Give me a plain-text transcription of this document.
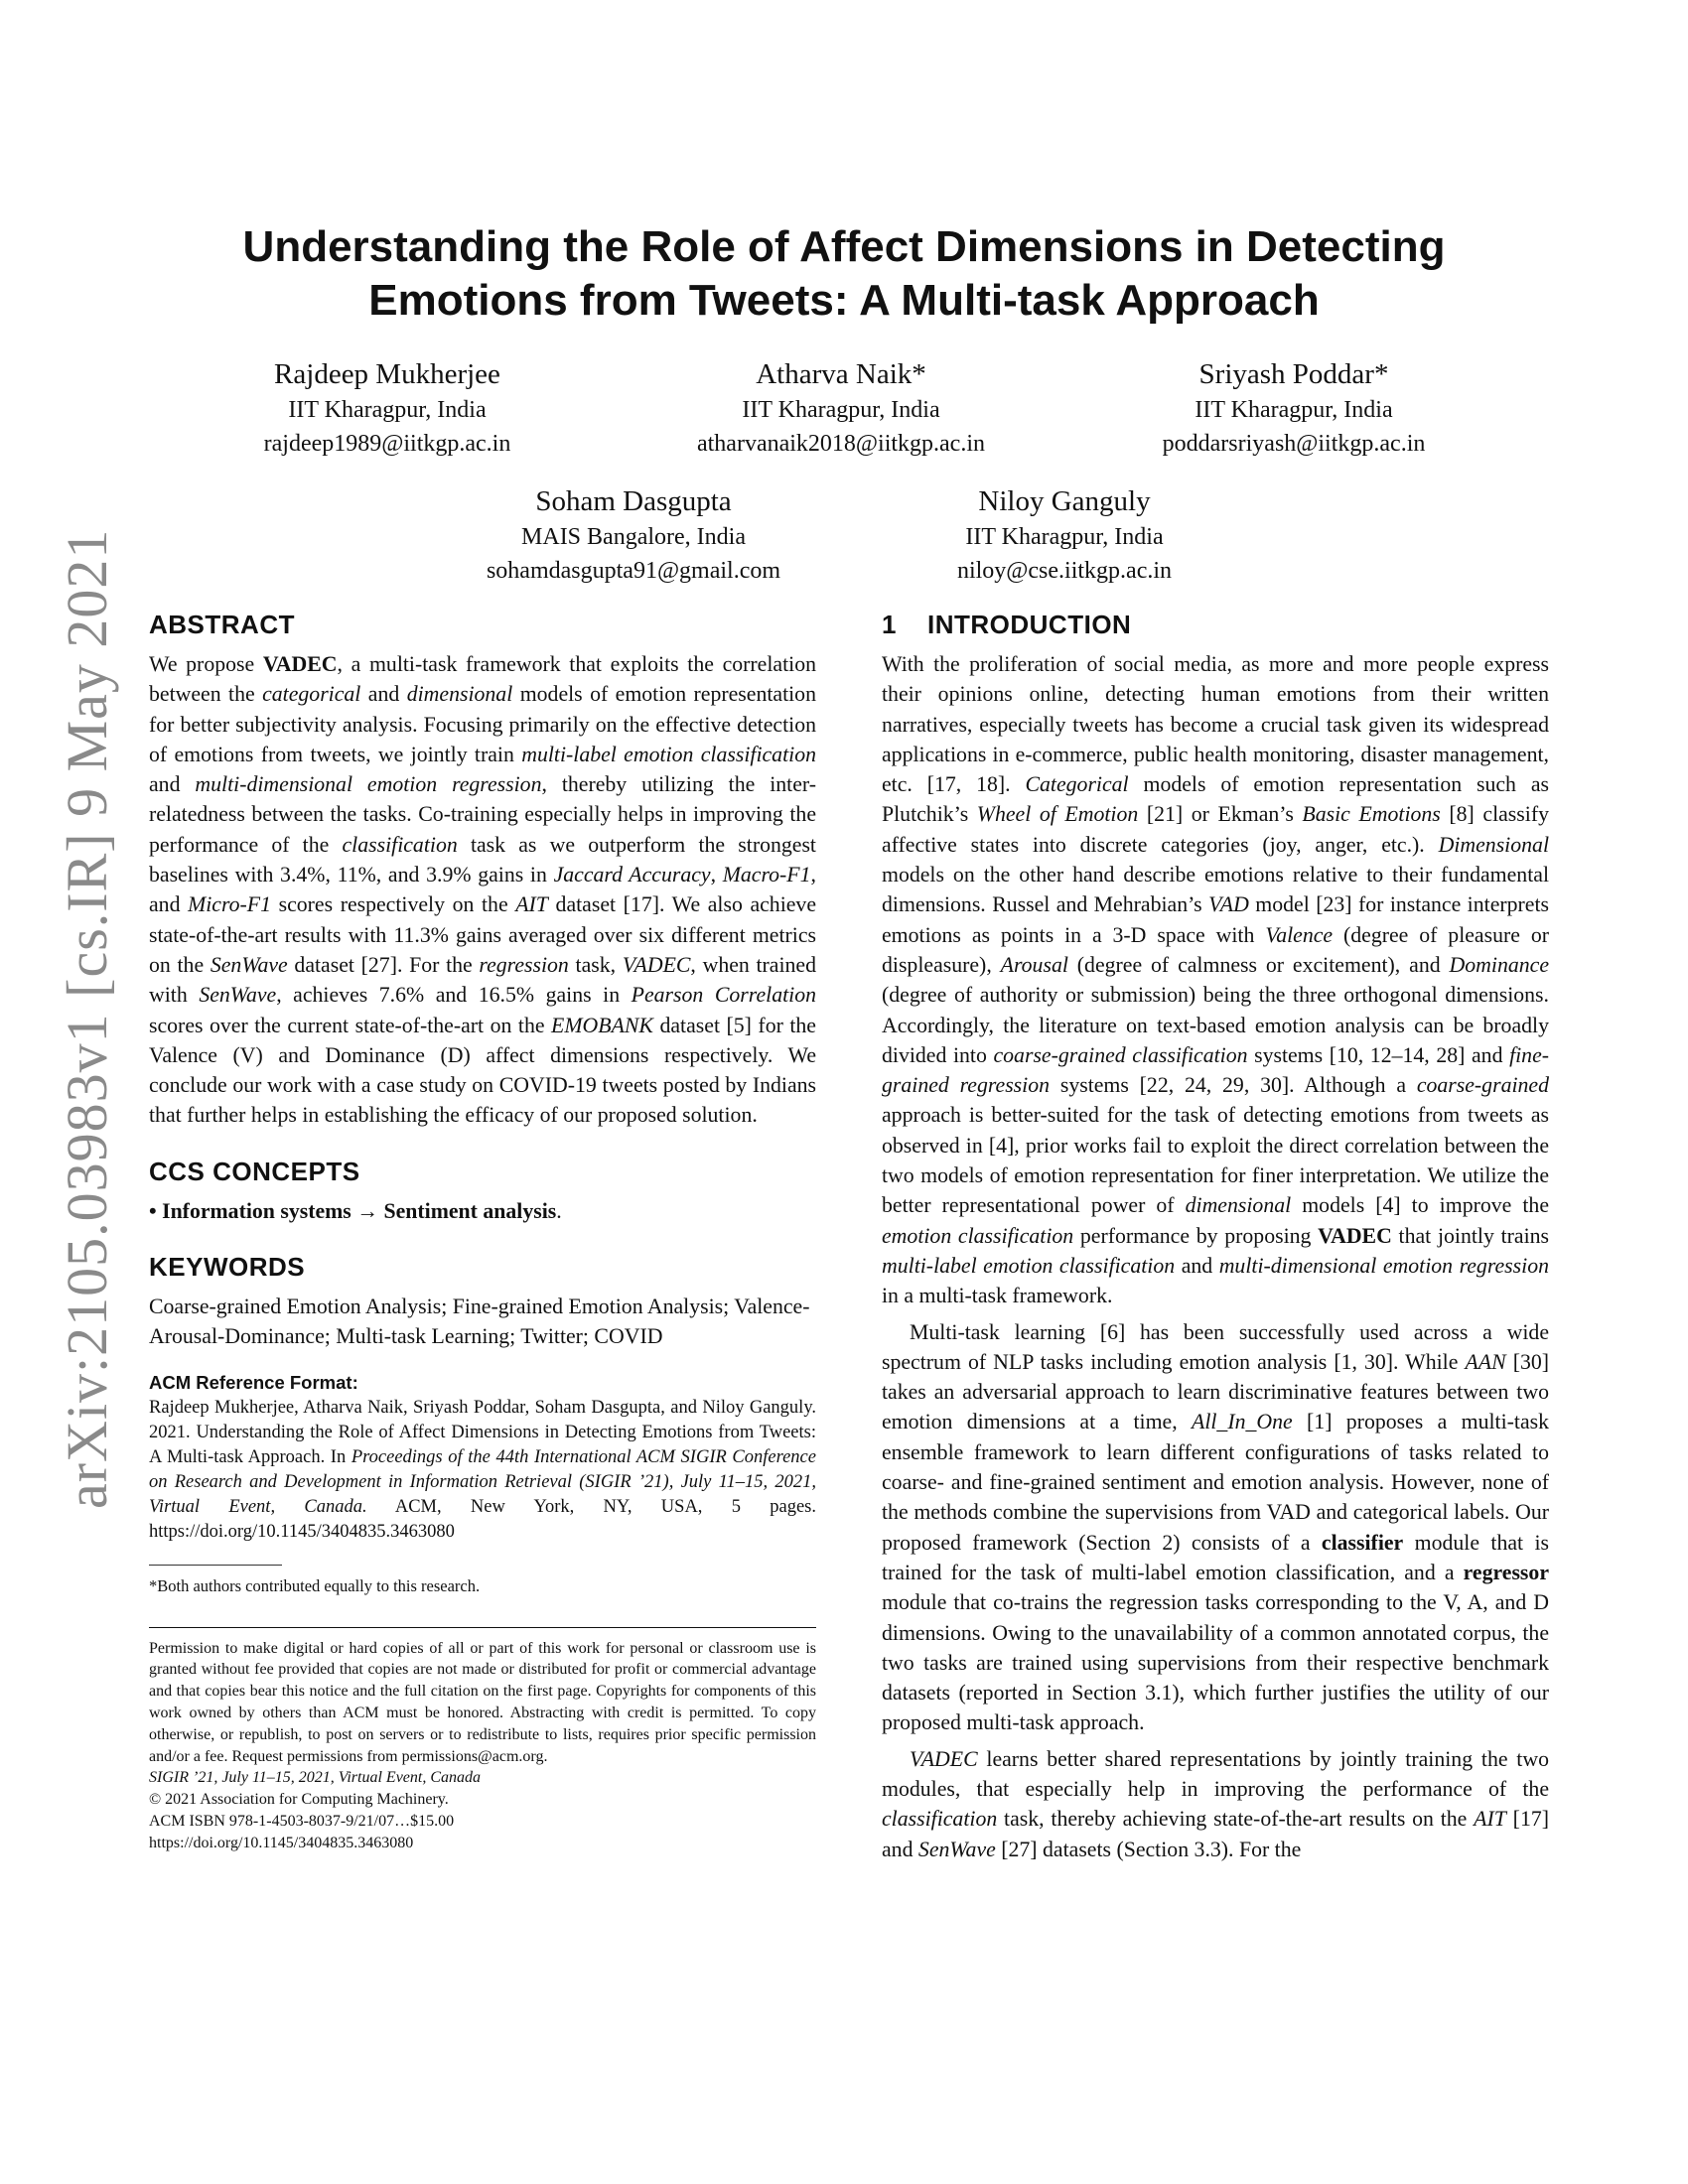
arXiv:2105.03983v1 [cs.IR] 9 May 2021
Understanding the Role of Affect Dimensions in Detecting
Emotions from Tweets: A Multi-task Approach
Rajdeep Mukherjee
IIT Kharagpur, India
rajdeep1989@iitkgp.ac.in
Atharva Naik*
IIT Kharagpur, India
atharvanaik2018@iitkgp.ac.in
Sriyash Poddar*
IIT Kharagpur, India
poddarsriyash@iitkgp.ac.in
Soham Dasgupta
MAIS Bangalore, India
sohamdasgupta91@gmail.com
Niloy Ganguly
IIT Kharagpur, India
niloy@cse.iitkgp.ac.in
ABSTRACT

We propose VADEC, a multi-task framework that exploits the correlation between the categorical and dimensional models of emotion representation for better subjectivity analysis. Focusing primarily on the effective detection of emotions from tweets, we jointly train multi-label emotion classification and multi-dimensional emotion regression, thereby utilizing the inter-relatedness between the tasks. Co-training especially helps in improving the performance of the classification task as we outperform the strongest baselines with 3.4%, 11%, and 3.9% gains in Jaccard Accuracy, Macro-F1, and Micro-F1 scores respectively on the AIT dataset [17]. We also achieve state-of-the-art results with 11.3% gains averaged over six different metrics on the SenWave dataset [27]. For the regression task, VADEC, when trained with SenWave, achieves 7.6% and 16.5% gains in Pearson Correlation scores over the current state-of-the-art on the EMOBANK dataset [5] for the Valence (V) and Dominance (D) affect dimensions respectively. We conclude our work with a case study on COVID-19 tweets posted by Indians that further helps in establishing the efficacy of our proposed solution.

CCS CONCEPTS

• Information systems → Sentiment analysis.

KEYWORDS

Coarse-grained Emotion Analysis; Fine-grained Emotion Analysis; Valence-Arousal-Dominance; Multi-task Learning; Twitter; COVID

ACM Reference Format:

Rajdeep Mukherjee, Atharva Naik, Sriyash Poddar, Soham Dasgupta, and Niloy Ganguly. 2021. Understanding the Role of Affect Dimensions in Detecting Emotions from Tweets: A Multi-task Approach. In Proceedings of the 44th International ACM SIGIR Conference on Research and Development in Information Retrieval (SIGIR ’21), July 11–15, 2021, Virtual Event, Canada. ACM, New York, NY, USA, 5 pages. https://doi.org/10.1145/3404835.3463080

*Both authors contributed equally to this research.

Permission to make digital or hard copies of all or part of this work for personal or classroom use is granted without fee provided that copies are not made or distributed for profit or commercial advantage and that copies bear this notice and the full citation on the first page. Copyrights for components of this work owned by others than ACM must be honored. Abstracting with credit is permitted. To copy otherwise, or republish, to post on servers or to redistribute to lists, requires prior specific permission and/or a fee. Request permissions from permissions@acm.org.

SIGIR ’21, July 11–15, 2021, Virtual Event, Canada

© 2021 Association for Computing Machinery.

ACM ISBN 978-1-4503-8037-9/21/07…$15.00

https://doi.org/10.1145/3404835.3463080

1 INTRODUCTION

With the proliferation of social media, as more and more people express their opinions online, detecting human emotions from their written narratives, especially tweets has become a crucial task given its widespread applications in e-commerce, public health monitoring, disaster management, etc. [17, 18]. Categorical models of emotion representation such as Plutchik’s Wheel of Emotion [21] or Ekman’s Basic Emotions [8] classify affective states into discrete categories (joy, anger, etc.). Dimensional models on the other hand describe emotions relative to their fundamental dimensions. Russel and Mehrabian’s VAD model [23] for instance interprets emotions as points in a 3-D space with Valence (degree of pleasure or displeasure), Arousal (degree of calmness or excitement), and Dominance (degree of authority or submission) being the three orthogonal dimensions. Accordingly, the literature on text-based emotion analysis can be broadly divided into coarse-grained classification systems [10, 12–14, 28] and fine-grained regression systems [22, 24, 29, 30]. Although a coarse-grained approach is better-suited for the task of detecting emotions from tweets as observed in [4], prior works fail to exploit the direct correlation between the two models of emotion representation for finer interpretation. We utilize the better representational power of dimensional models [4] to improve the emotion classification performance by proposing VADEC that jointly trains multi-label emotion classification and multi-dimensional emotion regression in a multi-task framework.

Multi-task learning [6] has been successfully used across a wide spectrum of NLP tasks including emotion analysis [1, 30]. While AAN [30] takes an adversarial approach to learn discriminative features between two emotion dimensions at a time, All_In_One [1] proposes a multi-task ensemble framework to learn different configurations of tasks related to coarse- and fine-grained sentiment and emotion analysis. However, none of the methods combine the supervisions from VAD and categorical labels. Our proposed framework (Section 2) consists of a classifier module that is trained for the task of multi-label emotion classification, and a regressor module that co-trains the regression tasks corresponding to the V, A, and D dimensions. Owing to the unavailability of a common annotated corpus, the two tasks are trained using supervisions from their respective benchmark datasets (reported in Section 3.1), which further justifies the utility of our proposed multi-task approach.

VADEC learns better shared representations by jointly training the two modules, that especially help in improving the performance of the classification task, thereby achieving state-of-the-art results on the AIT [17] and SenWave [27] datasets (Section 3.3). For the
